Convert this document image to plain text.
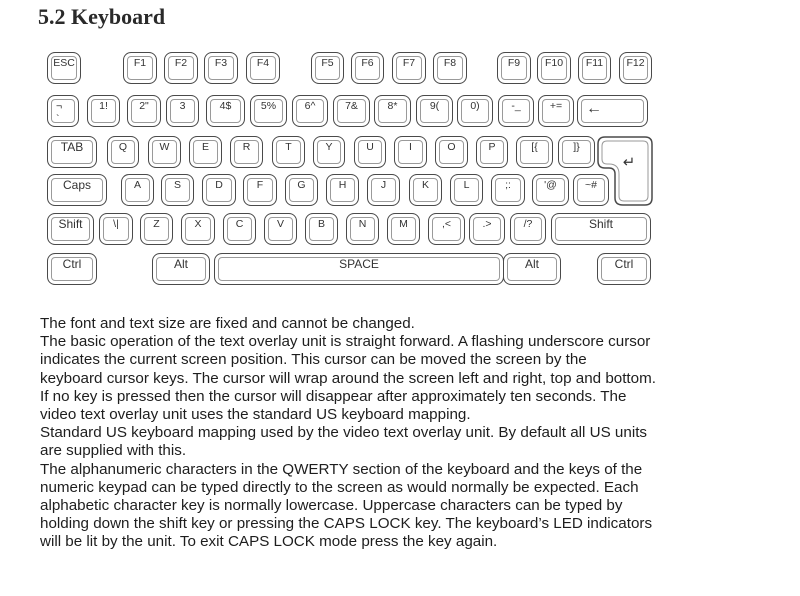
5.2 Keyboard
ESC	F1	F2	F3	F4	F5	F6	F7	F8	F9	F10	F11	F12
¬
`
1!	2"	3	4$	5%	6^	7&	8*	9(	0)	-_	+=	←
TAB	Q	W	E	R	T	Y	U	I	O	P	[{	]}
↵
Caps	A	S	D	F	G	H	J	K	L	;:	'@	~#
Shift	\|	Z	X	C	V	B	N	M	,<	.>	/?	Shift
Ctrl	Alt	SPACE	Alt	Ctrl

The font and text size are fixed and cannot be changed.

The basic operation of the text overlay unit is straight forward. A flashing underscore cursor

indicates the current screen position. This cursor can be moved the screen by the

keyboard cursor keys. The cursor will wrap around the screen left and right, top and bottom.

If no key is pressed then the cursor will disappear after approximately ten seconds. The

video text overlay unit uses the standard US keyboard mapping.

Standard US keyboard mapping used by the video text overlay unit. By default all US units

are supplied with this.

The alphanumeric characters in the QWERTY section of the keyboard and the keys of the

numeric keypad can be typed directly to the screen as would normally be expected. Each

alphabetic character key is normally lowercase. Uppercase characters can be typed by

holding down the shift key or pressing the CAPS LOCK key. The keyboard’s LED indicators

will be lit by the unit. To exit CAPS LOCK mode press the key again.
